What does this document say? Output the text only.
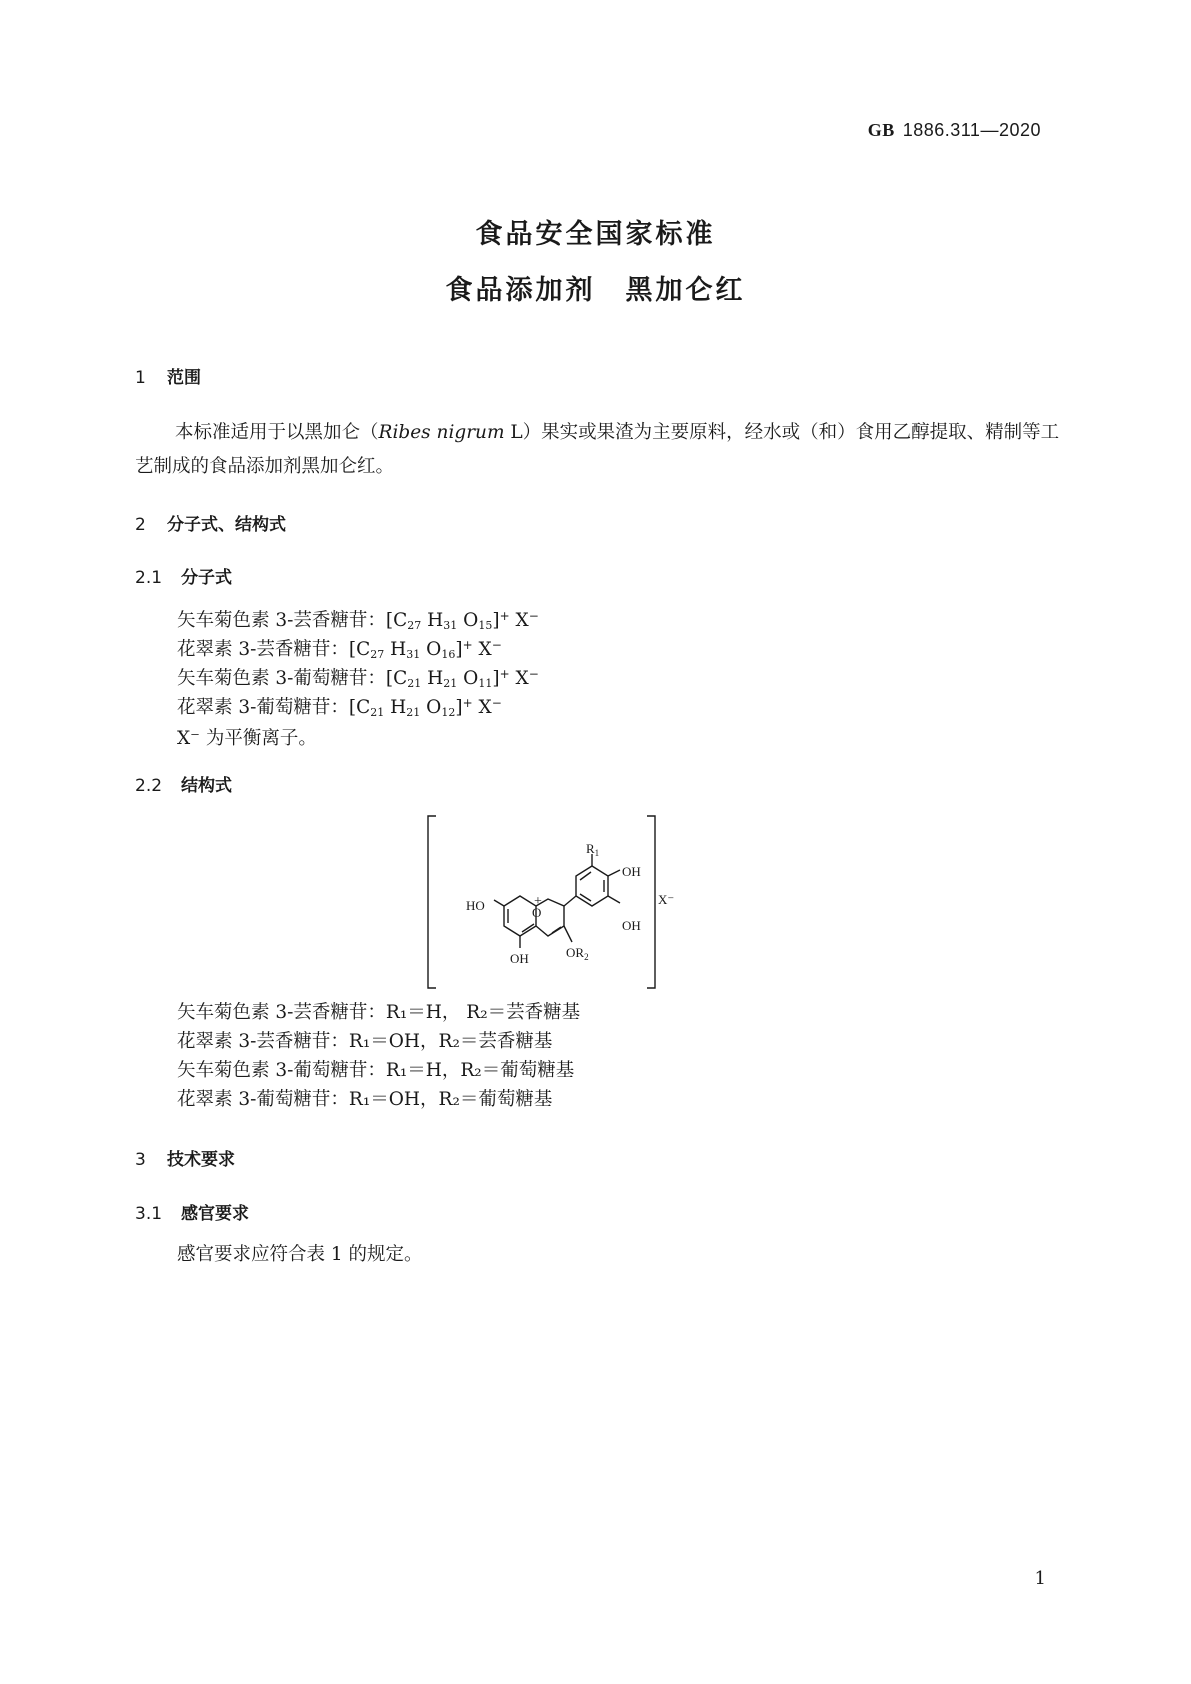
GB 1886.311—2020
食品安全国家标准
食品添加剂　黑加仑红
1 范围
本标准适用于以黑加仑（Ribes nigrum L）果实或果渣为主要原料，经水或（和）食用乙醇提取、精制等工艺制成的食品添加剂黑加仑红。
2 分子式、结构式
2.1 分子式
矢车菊色素 3-芸香糖苷：[$C_{27}$ $H_{31}$ $O_{15}]^+$ X−
花翠素 3-芸香糖苷：[$C_{27}$ $H_{31}$ $O_{16}]^+$ X−
矢车菊色素 3-葡萄糖苷：[$C_{21}$ $H_{21}$ $O_{11}]^+$ X−
花翠素 3-葡萄糖苷：[$C_{21}$ $H_{21}$ $O_{12}]^+$ X−
X⁻ 为平衡离子。
2.2 结构式
$R_1$
OH
OH
X⁻
HO	O
+
OH	$OR_2$
矢车菊色素 3-芸香糖苷：R₁＝H， R₂＝芸香糖基
花翠素 3-芸香糖苷：R₁＝OH，R₂＝芸香糖基
矢车菊色素 3-葡萄糖苷：R₁＝H，R₂＝葡萄糖基
花翠素 3-葡萄糖苷：R₁＝OH，R₂＝葡萄糖基
3 技术要求
3.1 感官要求
感官要求应符合表 1 的规定。
1
